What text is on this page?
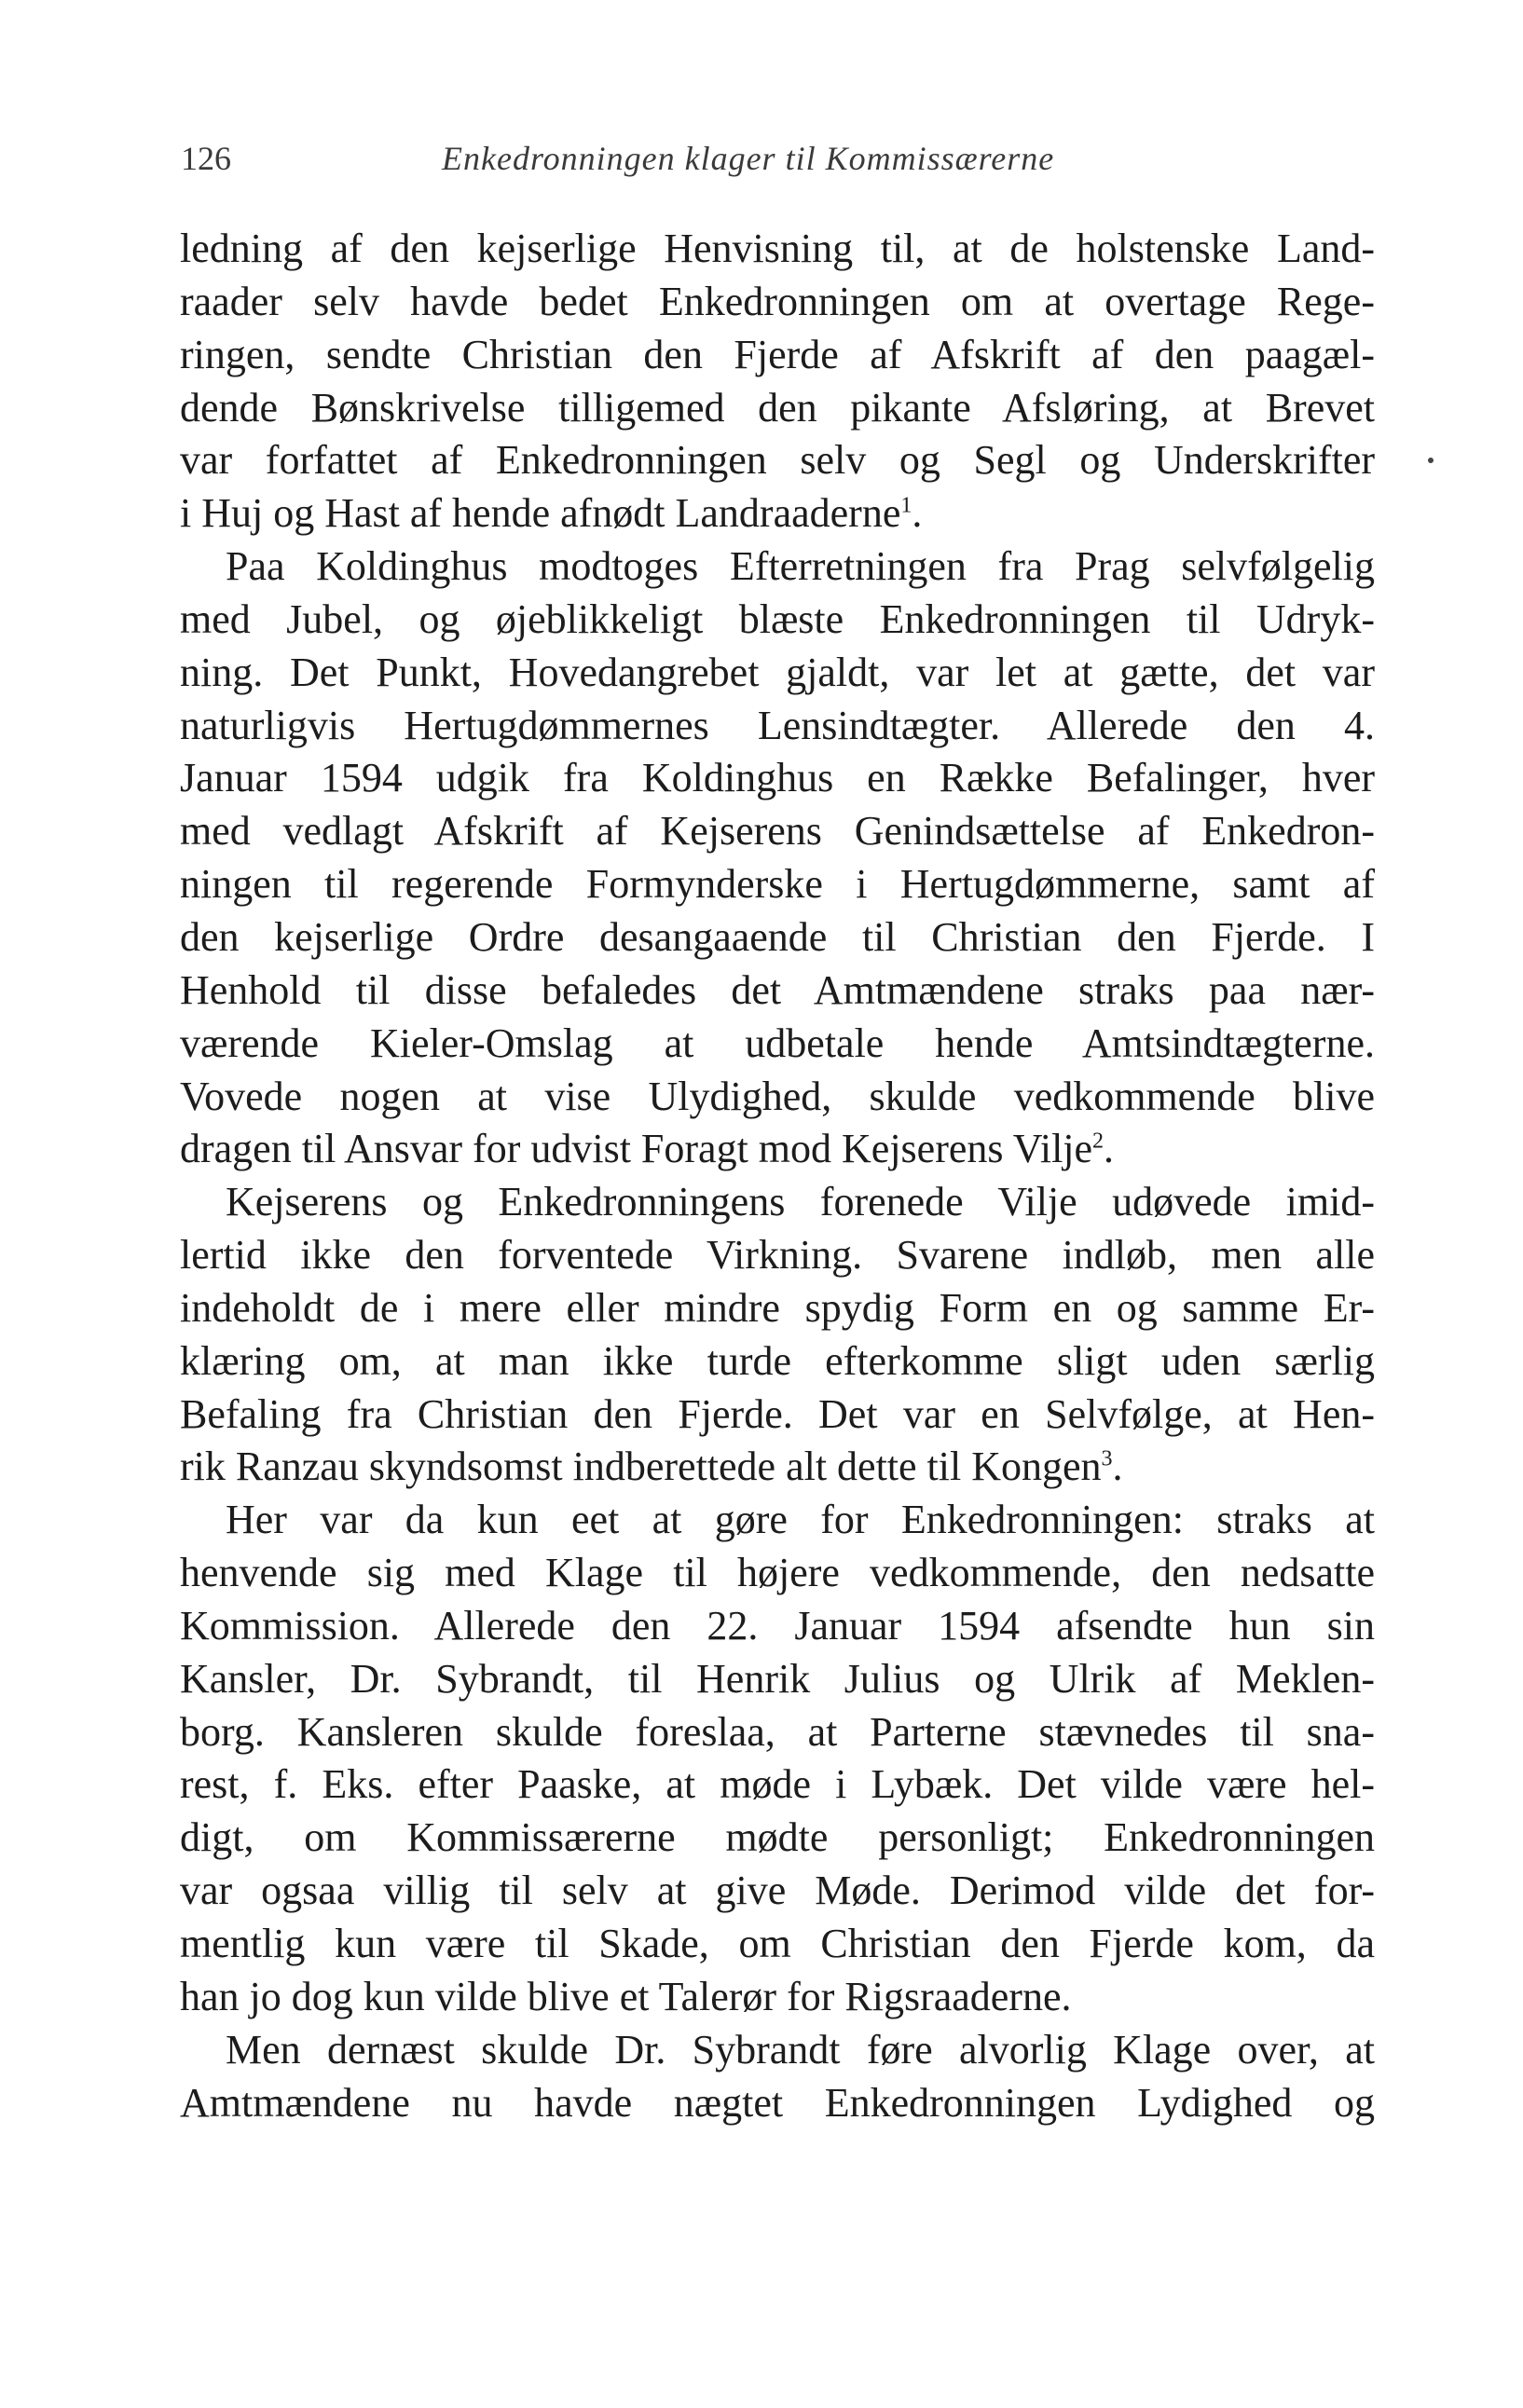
126	Enkedronningen klager til Kommissærerne
ledning af den kejserlige Henvisning til, at de holstenske Land-
raader selv havde bedet Enkedronningen om at overtage Rege-
ringen, sendte Christian den Fjerde af Afskrift af den paagæl-
dende Bønskrivelse tilligemed den pikante Afsløring, at Brevet
var forfattet af Enkedronningen selv og Segl og Underskrifter
i Huj og Hast af hende afnødt Landraaderne$^1$.
Paa Koldinghus modtoges Efterretningen fra Prag selvfølgelig
med Jubel, og øjeblikkeligt blæste Enkedronningen til Udryk-
ning. Det Punkt, Hovedangrebet gjaldt, var let at gætte, det var
naturligvis Hertugdømmernes Lensindtægter. Allerede den 4.
Januar 1594 udgik fra Koldinghus en Række Befalinger, hver
med vedlagt Afskrift af Kejserens Genindsættelse af Enkedron-
ningen til regerende Formynderske i Hertugdømmerne, samt af
den kejserlige Ordre desangaaende til Christian den Fjerde. I
Henhold til disse befaledes det Amtmændene straks paa nær-
værende Kieler-Omslag at udbetale hende Amtsindtægterne.
Vovede nogen at vise Ulydighed, skulde vedkommende blive
dragen til Ansvar for udvist Foragt mod Kejserens Vilje$^2$.
Kejserens og Enkedronningens forenede Vilje udøvede imid-
lertid ikke den forventede Virkning. Svarene indløb, men alle
indeholdt de i mere eller mindre spydig Form en og samme Er-
klæring om, at man ikke turde efterkomme sligt uden særlig
Befaling fra Christian den Fjerde. Det var en Selvfølge, at Hen-
rik Ranzau skyndsomst indberettede alt dette til Kongen$^3$.
Her var da kun eet at gøre for Enkedronningen: straks at
henvende sig med Klage til højere vedkommende, den nedsatte
Kommission. Allerede den 22. Januar 1594 afsendte hun sin
Kansler, Dr. Sybrandt, til Henrik Julius og Ulrik af Meklen-
borg. Kansleren skulde foreslaa, at Parterne stævnedes til sna-
rest, f. Eks. efter Paaske, at møde i Lybæk. Det vilde være hel-
digt, om Kommissærerne mødte personligt; Enkedronningen
var ogsaa villig til selv at give Møde. Derimod vilde det for-
mentlig kun være til Skade, om Christian den Fjerde kom, da
han jo dog kun vilde blive et Talerør for Rigsraaderne.
Men dernæst skulde Dr. Sybrandt føre alvorlig Klage over, at
Amtmændene nu havde nægtet Enkedronningen Lydighed og
